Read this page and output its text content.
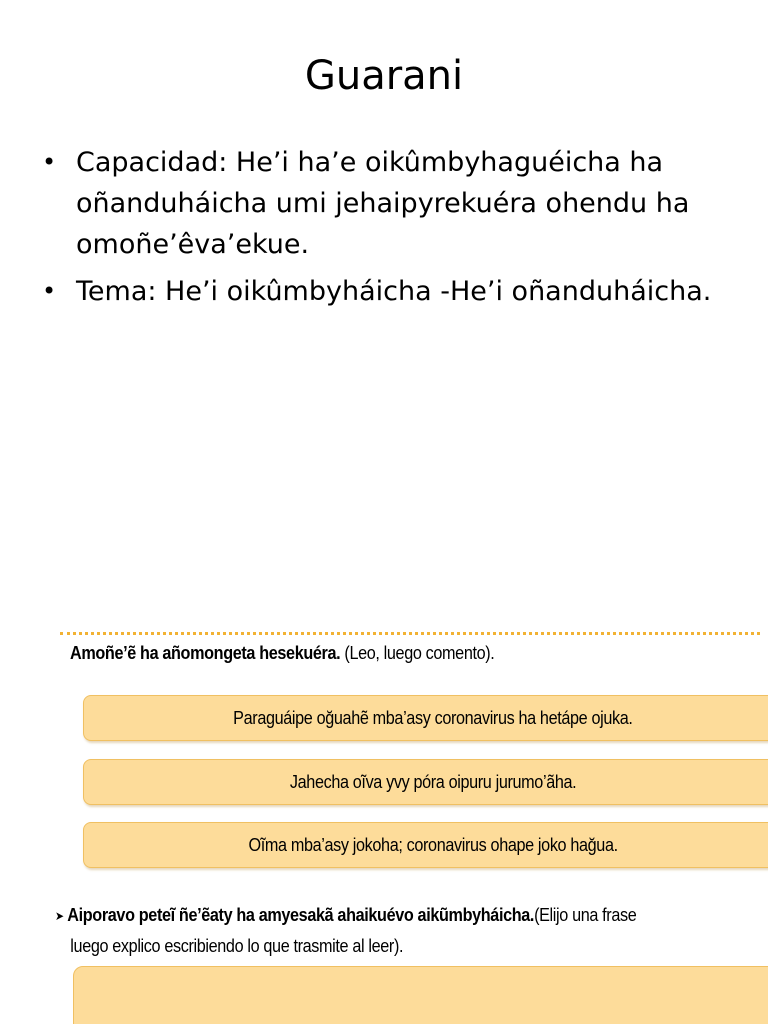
Guarani
• Capacidad: He’i ha’e oikûmbyhaguéicha ha oñanduháicha umi jehaipyrekuéra ohendu ha omoñe’êva’ekue.
• Tema: He’i oikûmbyháicha -He’i oñanduháicha.
Amoñe’ẽ ha añomongeta hesekuéra. (Leo, luego comento).
Paraguáipe oğuahẽ mba’asy coronavirus ha hetápe ojuka.
Jahecha oĩva yvy póra oipuru jurumo’ãha.
Oĩma mba’asy jokoha; coronavirus ohape joko hağua.
➤ Aiporavo peteĩ ñe’ẽaty ha amyesakã ahaikuévo aikũmbyháicha.(Elijo una frase
luego explico escribiendo lo que trasmite al leer).
